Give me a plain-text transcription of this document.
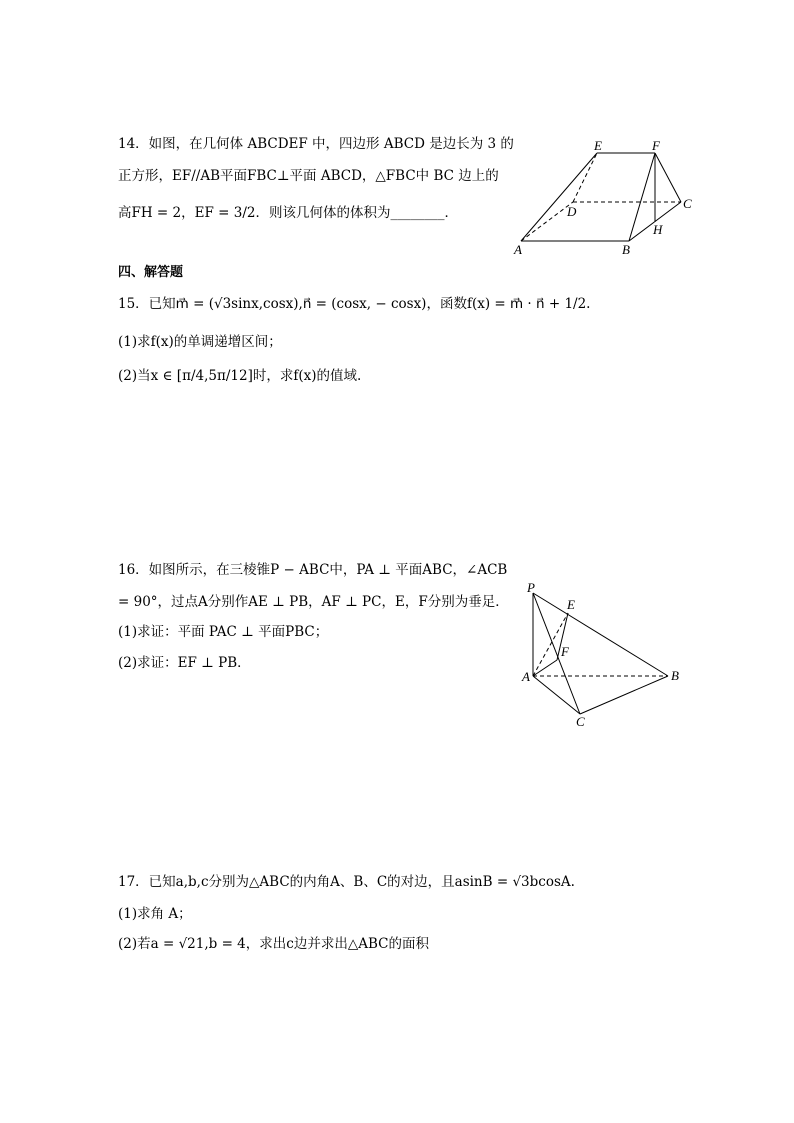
14．如图，在几何体 ABCDEF 中，四边形 ABCD 是边长为 3 的
正方形，EF//AB平面FBC⊥平面 ABCD，△FBC中 BC 边上的
高FH = 2，EF = 3/2．则该几何体的体积为________．
E	F
D
C
A	B
H
四、解答题
15．已知m⃗ = (√3sinx,cosx),n⃗ = (cosx, − cosx)，函数f(x) = m⃗ · n⃗ + 1/2.
(1)求f(x)的单调递增区间；
(2)当x ∈ [π/4,5π/12]时，求f(x)的值域.
16．如图所示，在三棱锥P − ABC中，PA ⊥ 平面ABC，∠ACB
= 90°，过点A分别作AE ⊥ PB，AF ⊥ PC，E，F分别为垂足．
(1)求证：平面 PAC ⊥ 平面PBC；
(2)求证：EF ⊥ PB．
P
E
F
A	B
C
17．已知a,b,c分别为△ABC的内角A、B、C的对边，且asinB = √3bcosA.
(1)求角 A；
(2)若a = √21,b = 4，求出c边并求出△ABC的面积
